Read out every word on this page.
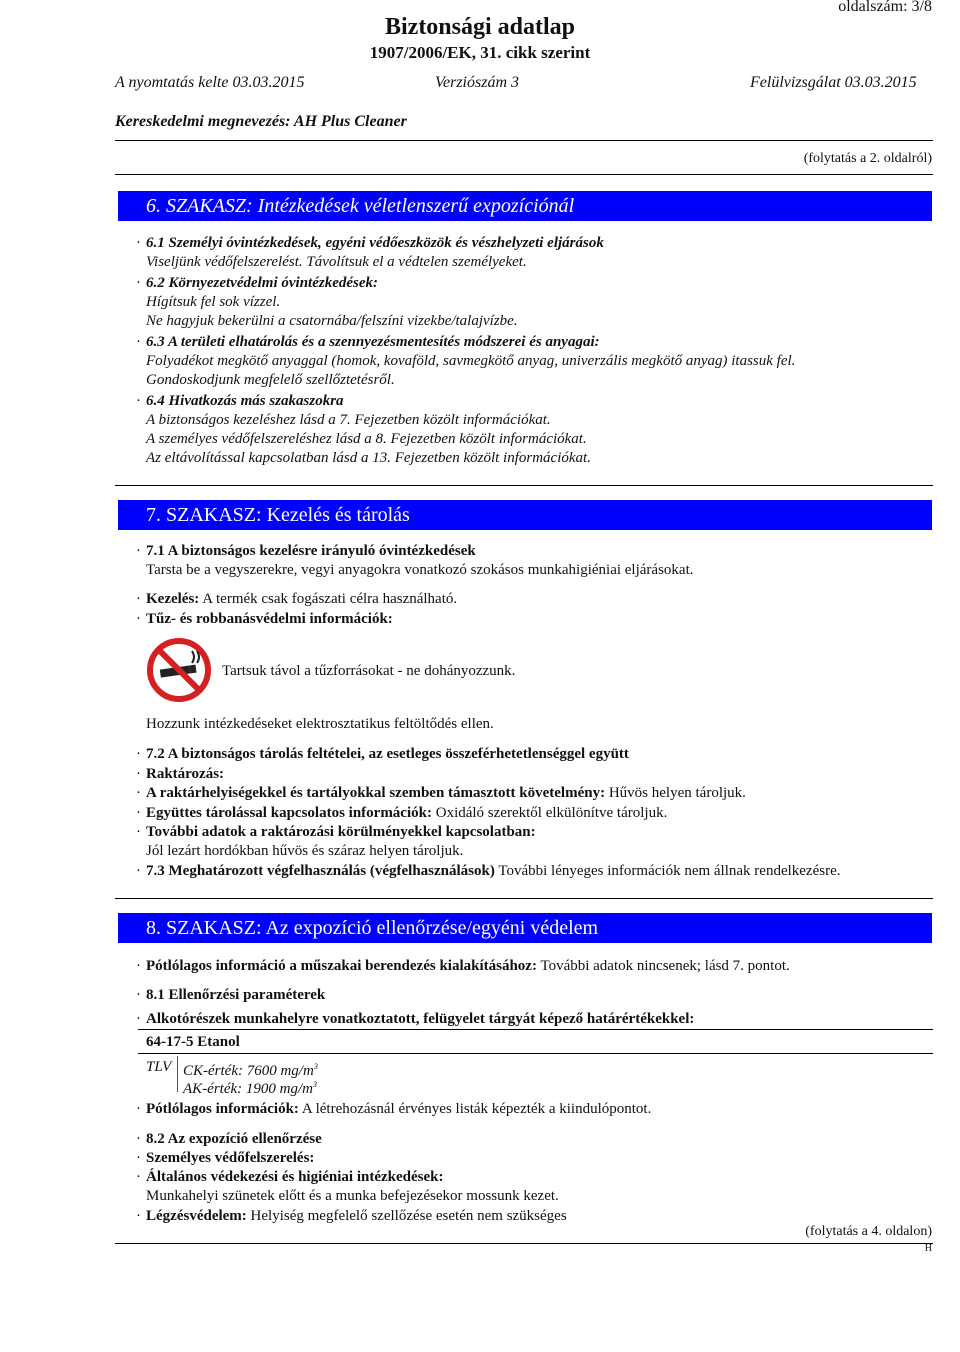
oldalszám: 3/8
Biztonsági adatlap
1907/2006/EK, 31. cikk szerint
A nyomtatás kelte 03.03.2015	Verziószám 3	Felülvizsgálat 03.03.2015
Kereskedelmi megnevezés: AH Plus Cleaner
(folytatás a 2. oldalról)
6. SZAKASZ: Intézkedések véletlenszerű expozíciónál
· 6.1 Személyi óvintézkedések, egyéni védőeszközök és vészhelyzeti eljárások
Viseljünk védőfelszerelést. Távolítsuk el a védtelen személyeket.
· 6.2 Környezetvédelmi óvintézkedések:
Hígítsuk fel sok vízzel.
Ne hagyjuk bekerülni a csatornába/felszíni vizekbe/talajvízbe.
· 6.3 A területi elhatárolás és a szennyezésmentesítés módszerei és anyagai:
Folyadékot megkötő anyaggal (homok, kovaföld, savmegkötő anyag, univerzális megkötő anyag) itassuk fel.
Gondoskodjunk megfelelő szellőztetésről.
· 6.4 Hivatkozás más szakaszokra
A biztonságos kezeléshez lásd a 7. Fejezetben közölt információkat.
A személyes védőfelszereléshez lásd a 8. Fejezetben közölt információkat.
Az eltávolítással kapcsolatban lásd a 13. Fejezetben közölt információkat.
7. SZAKASZ: Kezelés és tárolás
· 7.1 A biztonságos kezelésre irányuló óvintézkedések
Tarsta be a vegyszerekre, vegyi anyagokra vonatkozó szokásos munkahigiéniai eljárásokat.
· Kezelés: A termék csak fogászati célra használható.
· Tűz- és robbanásvédelmi információk:
Tartsuk távol a tűzforrásokat - ne dohányozzunk.
Hozzunk intézkedéseket elektrosztatikus feltöltődés ellen.
· 7.2 A biztonságos tárolás feltételei, az esetleges összeférhetetlenséggel együtt
· Raktározás:
· A raktárhelyiségekkel és tartályokkal szemben támasztott követelmény: Hűvös helyen tároljuk.
· Együttes tárolással kapcsolatos információk: Oxidáló szerektől elkülönítve tároljuk.
· További adatok a raktározási körülményekkel kapcsolatban:
Jól lezárt hordókban hűvös és száraz helyen tároljuk.
· 7.3 Meghatározott végfelhasználás (végfelhasználások) További lényeges információk nem állnak rendelkezésre.
8. SZAKASZ: Az expozíció ellenőrzése/egyéni védelem
· Pótlólagos információ a műszakai berendezés kialakításához: További adatok nincsenek; lásd 7. pontot.
· 8.1 Ellenőrzési paraméterek
· Alkotórészek munkahelyre vonatkoztatott, felügyelet tárgyát képező határértékekkel:
64-17-5 Etanol
TLV CK-érték: 7600 $mg/m^3$
AK-érték: 1900 $mg/m^3$
· Pótlólagos információk: A létrehozásnál érvényes listák képezték a kiindulópontot.
· 8.2 Az expozíció ellenőrzése
· Személyes védőfelszerelés:
· Általános védekezési és higiéniai intézkedések:
Munkahelyi szünetek előtt és a munka befejezésekor mossunk kezet.
· Légzésvédelem: Helyiség megfelelő szellőzése esetén nem szükséges
(folytatás a 4. oldalon)
H
